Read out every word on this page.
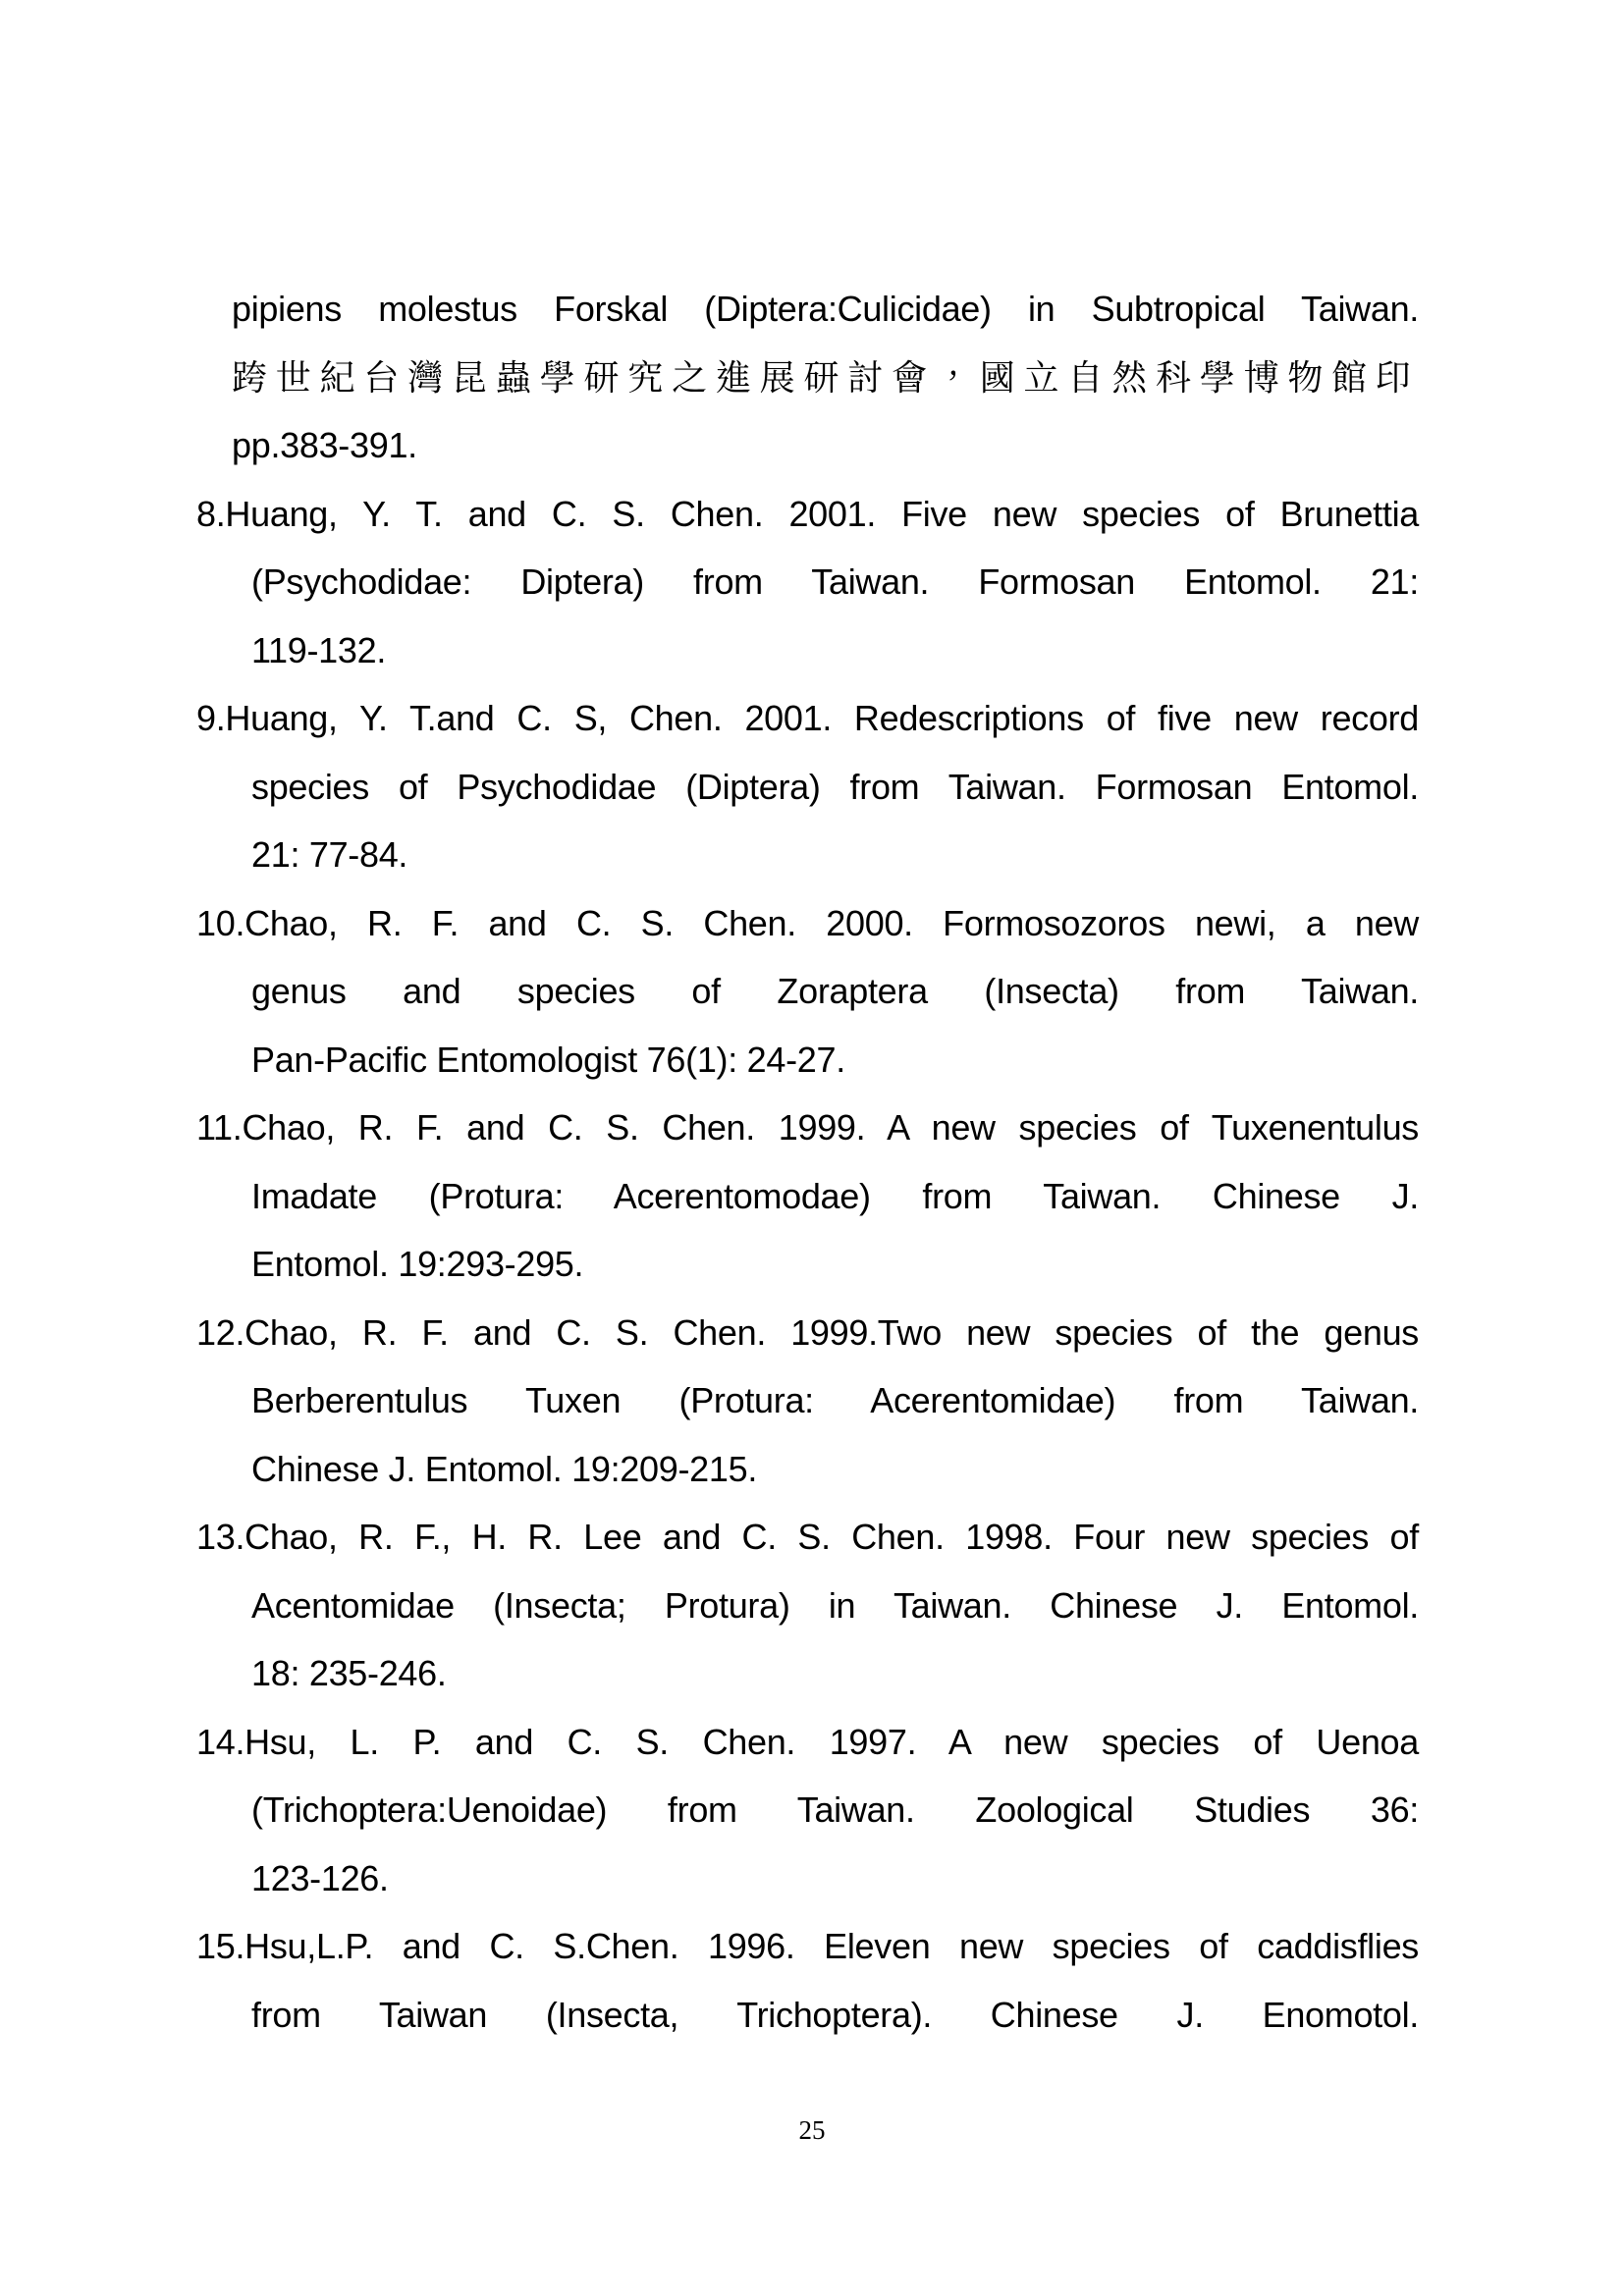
pipiens molestus Forskal (Diptera:Culicidae) in Subtropical Taiwan.
跨世紀台灣昆蟲學研究之進展研討會，國立自然科學博物館印
pp.383-391.
8.Huang, Y. T. and C. S. Chen. 2001. Five new species of Brunettia
(Psychodidae: Diptera) from Taiwan. Formosan Entomol. 21:
119-132.
9.Huang, Y. T.and C. S, Chen. 2001. Redescriptions of five new record
species of Psychodidae (Diptera) from Taiwan. Formosan Entomol.
21: 77-84.
10.Chao, R. F. and C. S. Chen. 2000. Formosozoros newi, a new
genus and species of Zoraptera (Insecta) from Taiwan.
Pan-Pacific Entomologist 76(1): 24-27.
11.Chao, R. F. and C. S. Chen. 1999. A new species of Tuxenentulus
Imadate (Protura: Acerentomodae) from Taiwan. Chinese J.
Entomol. 19:293-295.
12.Chao, R. F. and C. S. Chen. 1999.Two new species of the genus
Berberentulus Tuxen (Protura: Acerentomidae) from Taiwan.
Chinese J. Entomol. 19:209-215.
13.Chao, R. F., H. R. Lee and C. S. Chen. 1998. Four new species of
Acentomidae (Insecta; Protura) in Taiwan. Chinese J. Entomol.
18: 235-246.
14.Hsu, L. P. and C. S. Chen. 1997. A new species of Uenoa
(Trichoptera:Uenoidae) from Taiwan. Zoological Studies 36:
123-126.
15.Hsu,L.P. and C. S.Chen. 1996. Eleven new species of caddisflies
from Taiwan (Insecta, Trichoptera). Chinese J. Enomotol.
25
